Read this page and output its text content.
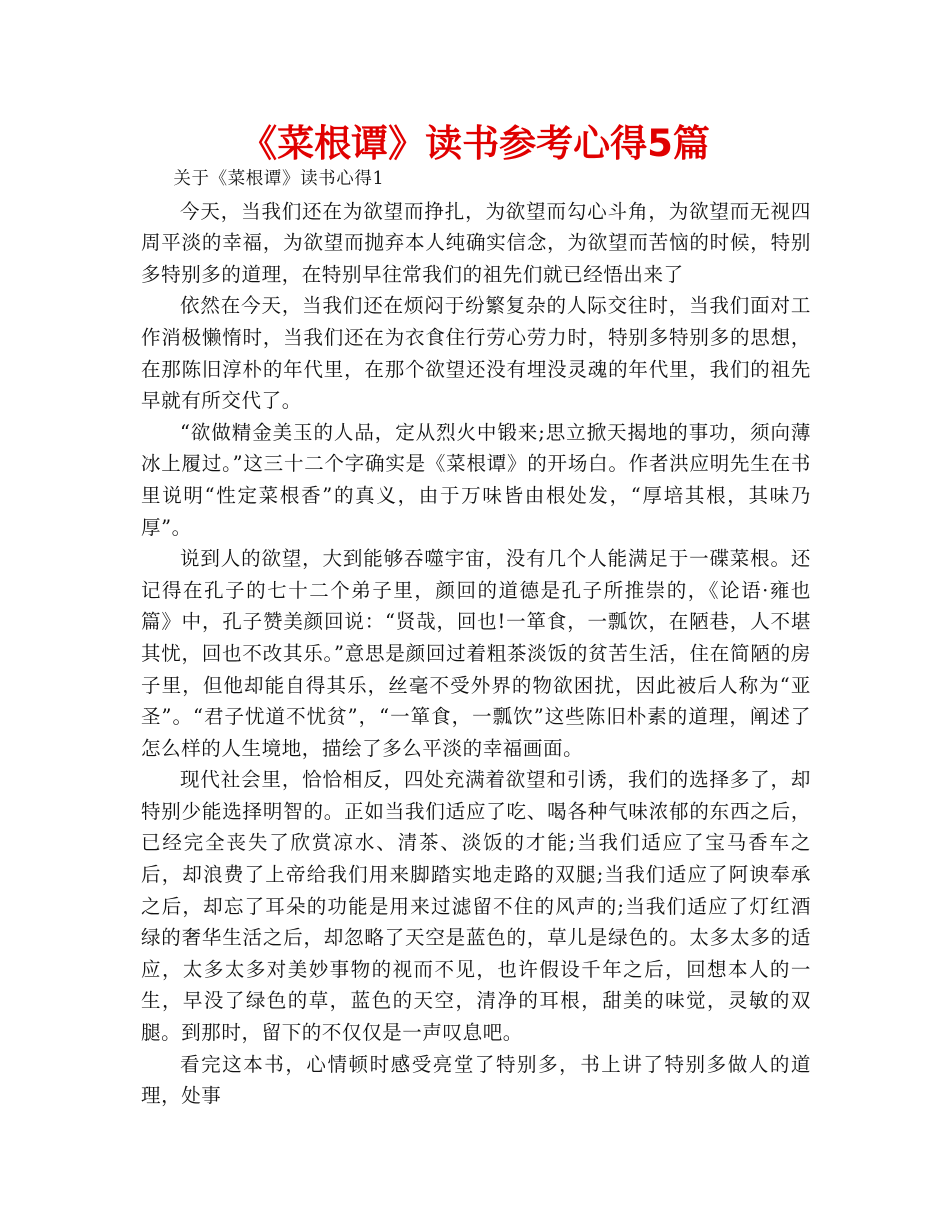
《菜根谭》读书参考心得5篇

关于《菜根谭》读书心得1

今天，当我们还在为欲望而挣扎，为欲望而勾心斗角，为欲望而无视四周平淡的幸福，为欲望而抛弃本人纯确实信念，为欲望而苦恼的时候，特别多特别多的道理，在特别早往常我们的祖先们就已经悟出来了

依然在今天，当我们还在烦闷于纷繁复杂的人际交往时，当我们面对工作消极懒惰时，当我们还在为衣食住行劳心劳力时，特别多特别多的思想，在那陈旧淳朴的年代里，在那个欲望还没有埋没灵魂的年代里，我们的祖先早就有所交代了。

“欲做精金美玉的人品，定从烈火中锻来;思立掀天揭地的事功，须向薄冰上履过。”这三十二个字确实是《菜根谭》的开场白。作者洪应明先生在书里说明“性定菜根香”的真义，由于万味皆由根处发，“厚培其根，其味乃厚”。

说到人的欲望，大到能够吞噬宇宙，没有几个人能满足于一碟菜根。还记得在孔子的七十二个弟子里，颜回的道德是孔子所推崇的，《论语·雍也篇》中，孔子赞美颜回说：“贤哉，回也!一箪食，一瓢饮，在陋巷，人不堪其忧，回也不改其乐。”意思是颜回过着粗茶淡饭的贫苦生活，住在简陋的房子里，但他却能自得其乐，丝毫不受外界的物欲困扰，因此被后人称为“亚圣”。“君子忧道不忧贫”，“一箪食，一瓢饮”这些陈旧朴素的道理，阐述了怎么样的人生境地，描绘了多么平淡的幸福画面。

现代社会里，恰恰相反，四处充满着欲望和引诱，我们的选择多了，却特别少能选择明智的。正如当我们适应了吃、喝各种气味浓郁的东西之后，已经完全丧失了欣赏凉水、清茶、淡饭的才能;当我们适应了宝马香车之后，却浪费了上帝给我们用来脚踏实地走路的双腿;当我们适应了阿谀奉承之后，却忘了耳朵的功能是用来过滤留不住的风声的;当我们适应了灯红酒绿的奢华生活之后，却忽略了天空是蓝色的，草儿是绿色的。太多太多的适应，太多太多对美妙事物的视而不见，也许假设千年之后，回想本人的一生，早没了绿色的草，蓝色的天空，清净的耳根，甜美的味觉，灵敏的双腿。到那时，留下的不仅仅是一声叹息吧。

看完这本书，心情顿时感受亮堂了特别多，书上讲了特别多做人的道理，处事
